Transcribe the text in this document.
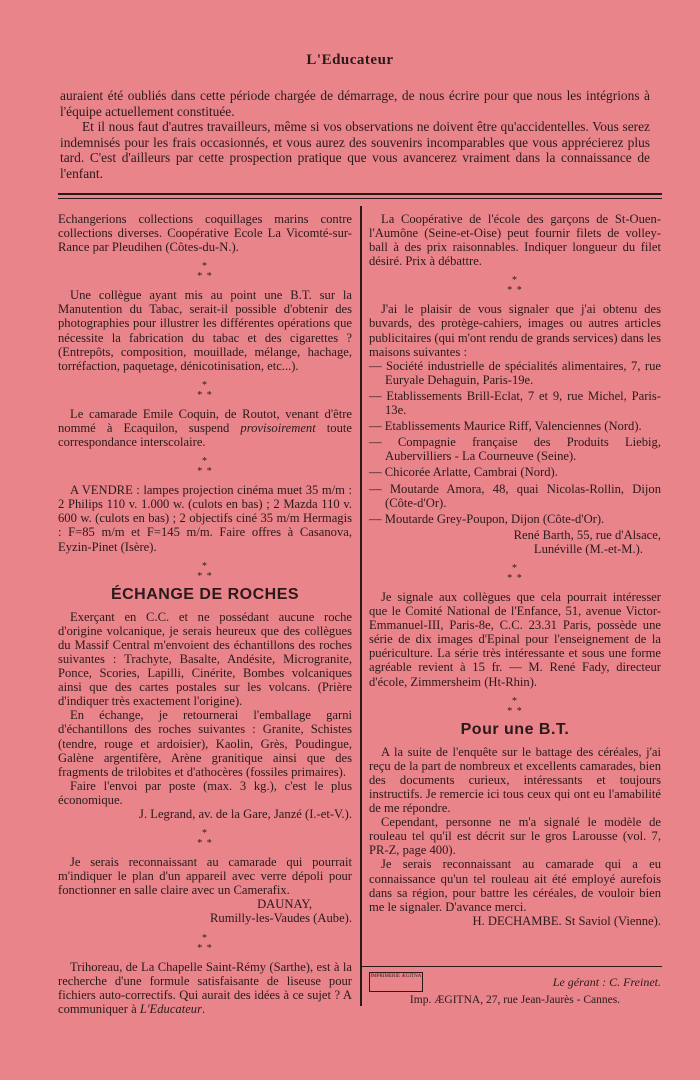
L'Educateur

auraient été oubliés dans cette période chargée de démarrage, de nous écrire pour que nous les intégrions à l'équipe actuellement constituée.

Et il nous faut d'autres travailleurs, même si vos observations ne doivent être qu'accidentelles. Vous serez indemnisés pour les frais occasionnés, et vous aurez des souvenirs incomparables que vous apprécierez plus tard. C'est d'ailleurs par cette prospection pratique que vous avancerez vraiment dans la connaissance de l'enfant.

Echangerions collections coquillages marins contre collections diverses. Coopérative Ecole La Vicomté-sur-Rance par Pleudihen (Côtes-du-N.).

*
* *

Une collègue ayant mis au point une B.T. sur la Manutention du Tabac, serait-il possible d'obtenir des photographies pour illustrer les différentes opérations que nécessite la fabrication du tabac et des cigarettes ? (Entrepôts, composition, mouillade, mélange, hachage, torréfaction, paquetage, dénicotinisation, etc...).

*
* *

Le camarade Emile Coquin, de Routot, venant d'être nommé à Ecaquilon, suspend provisoirement toute correspondance interscolaire.

*
* *

A VENDRE : lampes projection cinéma muet 35 m/m : 2 Philips 110 v. 1.000 w. (culots en bas) ; 2 Mazda 110 v. 600 w. (culots en bas) ; 2 objectifs ciné 35 m/m Hermagis : F=85 m/m et F=145 m/m. Faire offres à Casanova, Eyzin-Pinet (Isère).

*
* *
ÉCHANGE DE ROCHES

Exerçant en C.C. et ne possédant aucune roche d'origine volcanique, je serais heureux que des collègues du Massif Central m'envoient des échantillons des roches suivantes : Trachyte, Basalte, Andésite, Microgranite, Ponce, Scories, Lapilli, Cinérite, Bombes volcaniques ainsi que des cartes postales sur les volcans. (Prière d'indiquer très exactement l'origine).

En échange, je retournerai l'emballage garni d'échantillons des roches suivantes : Granite, Schistes (tendre, rouge et ardoisier), Kaolin, Grès, Poudingue, Galène argentifère, Arène granitique ainsi que des fragments de trilobites et d'athocères (fossiles primaires).

Faire l'envoi par poste (max. 3 kg.), c'est le plus économique.

J. Legrand, av. de la Gare, Janzé (I.-et-V.).

*
* *

Je serais reconnaissant au camarade qui pourrait m'indiquer le plan d'un appareil avec verre dépoli pour fonctionner en salle claire avec un Camerafix.

DAUNAY,

Rumilly-les-Vaudes (Aube).

*
* *

Trihoreau, de La Chapelle Saint-Rémy (Sarthe), est à la recherche d'une formule satisfaisante de liseuse pour fichiers auto-correctifs. Qui aurait des idées à ce sujet ? A communiquer à L'Educateur.

La Coopérative de l'école des garçons de St-Ouen-l'Aumône (Seine-et-Oise) peut fournir filets de volley-ball à des prix raisonnables. Indiquer longueur du filet désiré. Prix à débattre.

*
* *

J'ai le plaisir de vous signaler que j'ai obtenu des buvards, des protège-cahiers, images ou autres articles publicitaires (qui m'ont rendu de grands services) dans les maisons suivantes :

— Société industrielle de spécialités alimentaires, 7, rue Euryale Dehaguin, Paris-19e.
— Etablissements Brill-Eclat, 7 et 9, rue Michel, Paris-13e.
— Etablissements Maurice Riff, Valenciennes (Nord).
— Compagnie française des Produits Liebig, Aubervilliers - La Courneuve (Seine).
— Chicorée Arlatte, Cambrai (Nord).
— Moutarde Amora, 48, quai Nicolas-Rollin, Dijon (Côte-d'Or).
— Moutarde Grey-Poupon, Dijon (Côte-d'Or).

René Barth, 55, rue d'Alsace,

Lunéville (M.-et-M.).

*
* *

Je signale aux collègues que cela pourrait intéresser que le Comité National de l'Enfance, 51, avenue Victor-Emmanuel-III, Paris-8e, C.C. 23.31 Paris, possède une série de dix images d'Epinal pour l'enseignement de la puériculture. La série très intéressante et sous une forme agréable revient à 15 fr. — M. René Fady, directeur d'école, Zimmersheim (Ht-Rhin).

*
* *
Pour une B.T.

A la suite de l'enquête sur le battage des céréales, j'ai reçu de la part de nombreux et excellents camarades, bien des documents curieux, intéressants et toujours instructifs. Je remercie ici tous ceux qui ont eu l'amabilité de me répondre.

Cependant, personne ne m'a signalé le modèle de rouleau tel qu'il est décrit sur le gros Larousse (vol. 7, PR-Z, page 400).

Je serais reconnaissant au camarade qui a eu connaissance qu'un tel rouleau ait été employé aurefois dans sa région, pour battre les céréales, de vouloir bien me le signaler. D'avance merci.

H. DECHAMBE. St Saviol (Vienne).

IMPRIMERIE ÆGITNA	Le gérant : C. Freinet.
Imp. ÆGITNA, 27, rue Jean-Jaurès - Cannes.
